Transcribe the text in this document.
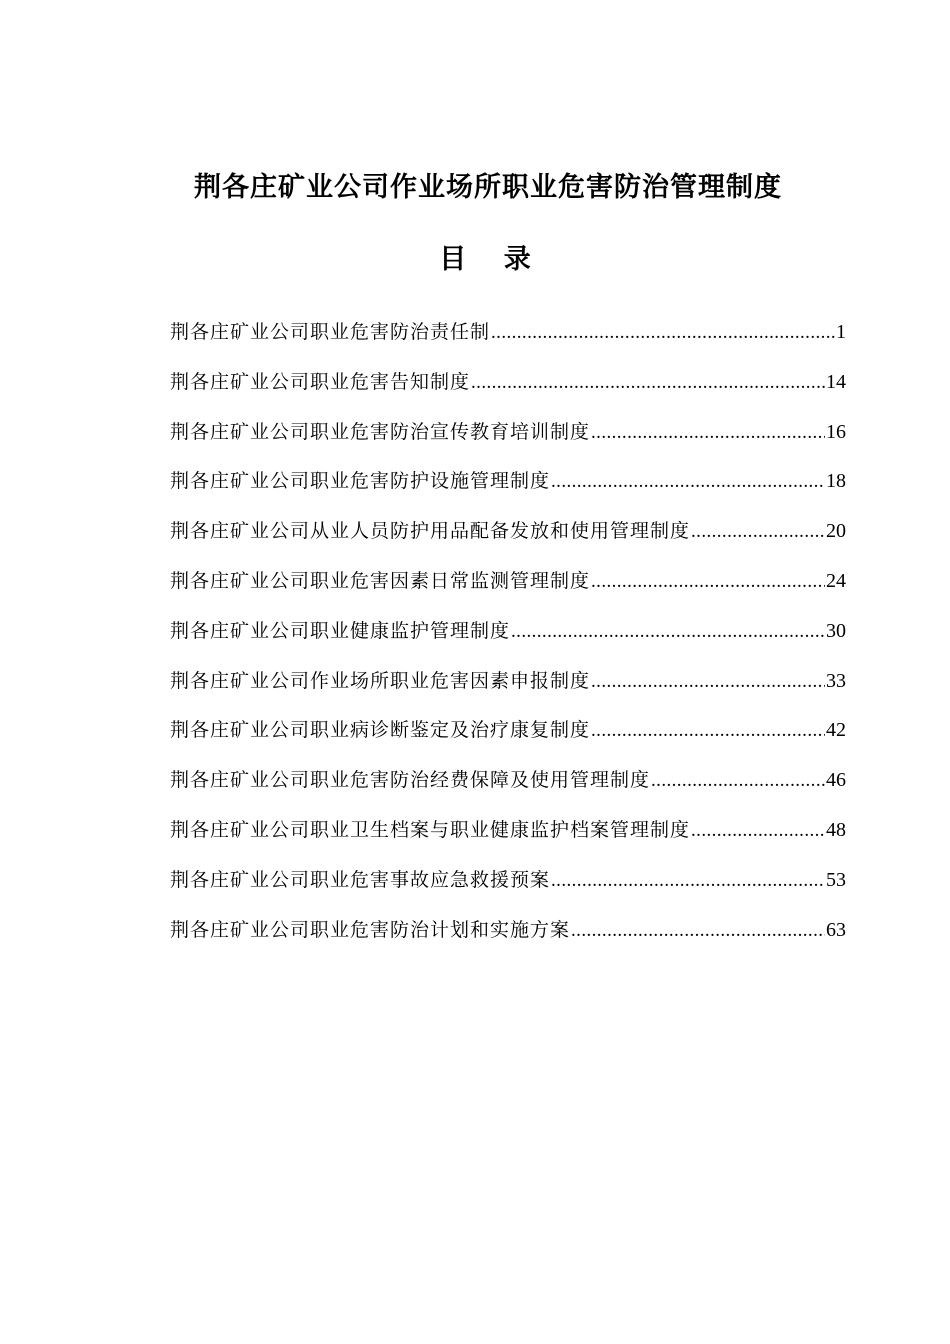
荆各庄矿业公司作业场所职业危害防治管理制度
目 录
荆各庄矿业公司职业危害防治责任制 .....	1
荆各庄矿业公司职业危害告知制度 .....	14
荆各庄矿业公司职业危害防治宣传教育培训制度 .....	16
荆各庄矿业公司职业危害防护设施管理制度 .....	18
荆各庄矿业公司从业人员防护用品配备发放和使用管理制度 .....	20
荆各庄矿业公司职业危害因素日常监测管理制度 .....	24
荆各庄矿业公司职业健康监护管理制度 .....	30
荆各庄矿业公司作业场所职业危害因素申报制度 .....	33
荆各庄矿业公司职业病诊断鉴定及治疗康复制度 .....	42
荆各庄矿业公司职业危害防治经费保障及使用管理制度 .....	46
荆各庄矿业公司职业卫生档案与职业健康监护档案管理制度 .....	48
荆各庄矿业公司职业危害事故应急救援预案 .....	53
荆各庄矿业公司职业危害防治计划和实施方案 .....	63
